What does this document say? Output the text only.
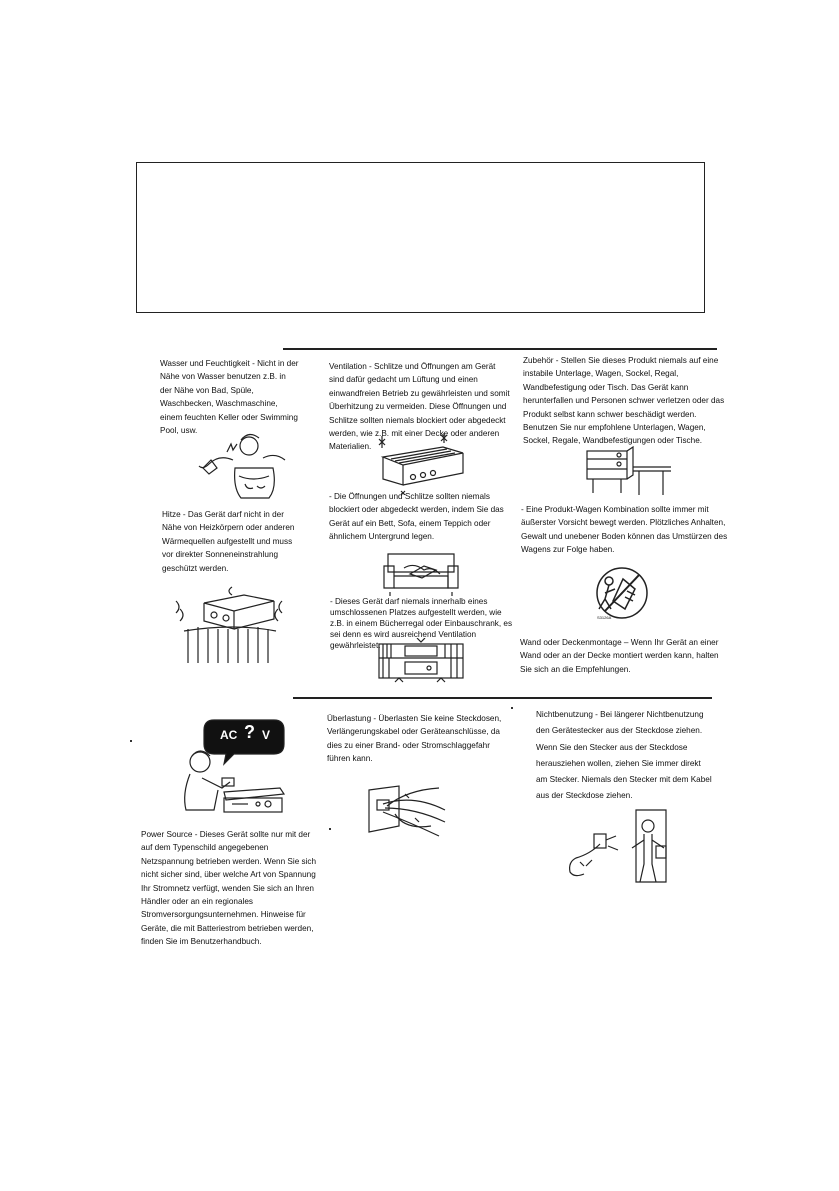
Wasser und Feuchtigkeit - Nicht in der
Nähe von Wasser benutzen z.B. in
der Nähe von Bad, Spüle,
Waschbecken, Waschmaschine,
einem feuchten Keller oder Swimming
Pool, usw.
Hitze - Das Gerät darf nicht in der
Nähe von Heizkörpern oder anderen
Wärmequellen aufgestellt und muss
vor direkter Sonneneinstrahlung
geschützt werden.
Ventilation - Schlitze und Öffnungen am Gerät
sind dafür gedacht um Lüftung und einen
einwandfreien Betrieb zu gewährleisten und somit
Überhitzung zu vermeiden. Diese Öffnungen und
Schlitze sollten niemals blockiert oder abgedeckt
werden, wie z.B. mit einer Decke oder anderen
Materialien.
- Die Öffnungen und Schlitze sollten niemals
blockiert oder abgedeckt werden, indem Sie das
Gerät auf ein Bett, Sofa, einem Teppich oder
ähnlichem Untergrund legen.
- Dieses Gerät darf niemals innerhalb eines
umschlossenen Platzes aufgestellt werden, wie
z.B. in einem Bücherregal oder Einbauschrank, es
sei denn es wird ausreichend Ventilation
gewährleistet.
Zubehör - Stellen Sie dieses Produkt niemals auf eine
instabile Unterlage, Wagen, Sockel, Regal,
Wandbefestigung oder Tisch. Das Gerät kann
herunterfallen und Personen schwer verletzen oder das
Produkt selbst kann schwer beschädigt werden.
Benutzen Sie nur empfohlene Unterlagen, Wagen,
Sockel, Regale, Wandbefestigungen oder Tische.
- Eine Produkt-Wagen Kombination sollte immer mit
äußerster Vorsicht bewegt werden. Plötzliches Anhalten,
Gewalt und unebener Boden können das Umstürzen des
Wagens zur Folge haben.
Wand oder Deckenmontage – Wenn Ihr Gerät an einer
Wand oder an der Decke montiert werden kann, halten
Sie sich an die Empfehlungen.
Überlastung - Überlasten Sie keine Steckdosen,
Verlängerungskabel oder Geräteanschlüsse, da
dies zu einer Brand- oder Stromschlaggefahr
führen kann.
Nichtbenutzung - Bei längerer Nichtbenutzung
den Gerätestecker aus der Steckdose ziehen.
Wenn Sie den Stecker aus der Steckdose
herausziehen wollen, ziehen Sie immer direkt
am Stecker. Niemals den Stecker mit dem Kabel
aus der Steckdose ziehen.
Power Source - Dieses Gerät sollte nur mit der
auf dem Typenschild angegebenen
Netzspannung betrieben werden. Wenn Sie sich
nicht sicher sind, über welche Art von Spannung
Ihr Stromnetz verfügt, wenden Sie sich an Ihren
Händler oder an ein regionales
Stromversorgungsunternehmen. Hinweise für
Geräte, die mit Batteriestrom betrieben werden,
finden Sie im Benutzerhandbuch.
S3126A
AC ? V
